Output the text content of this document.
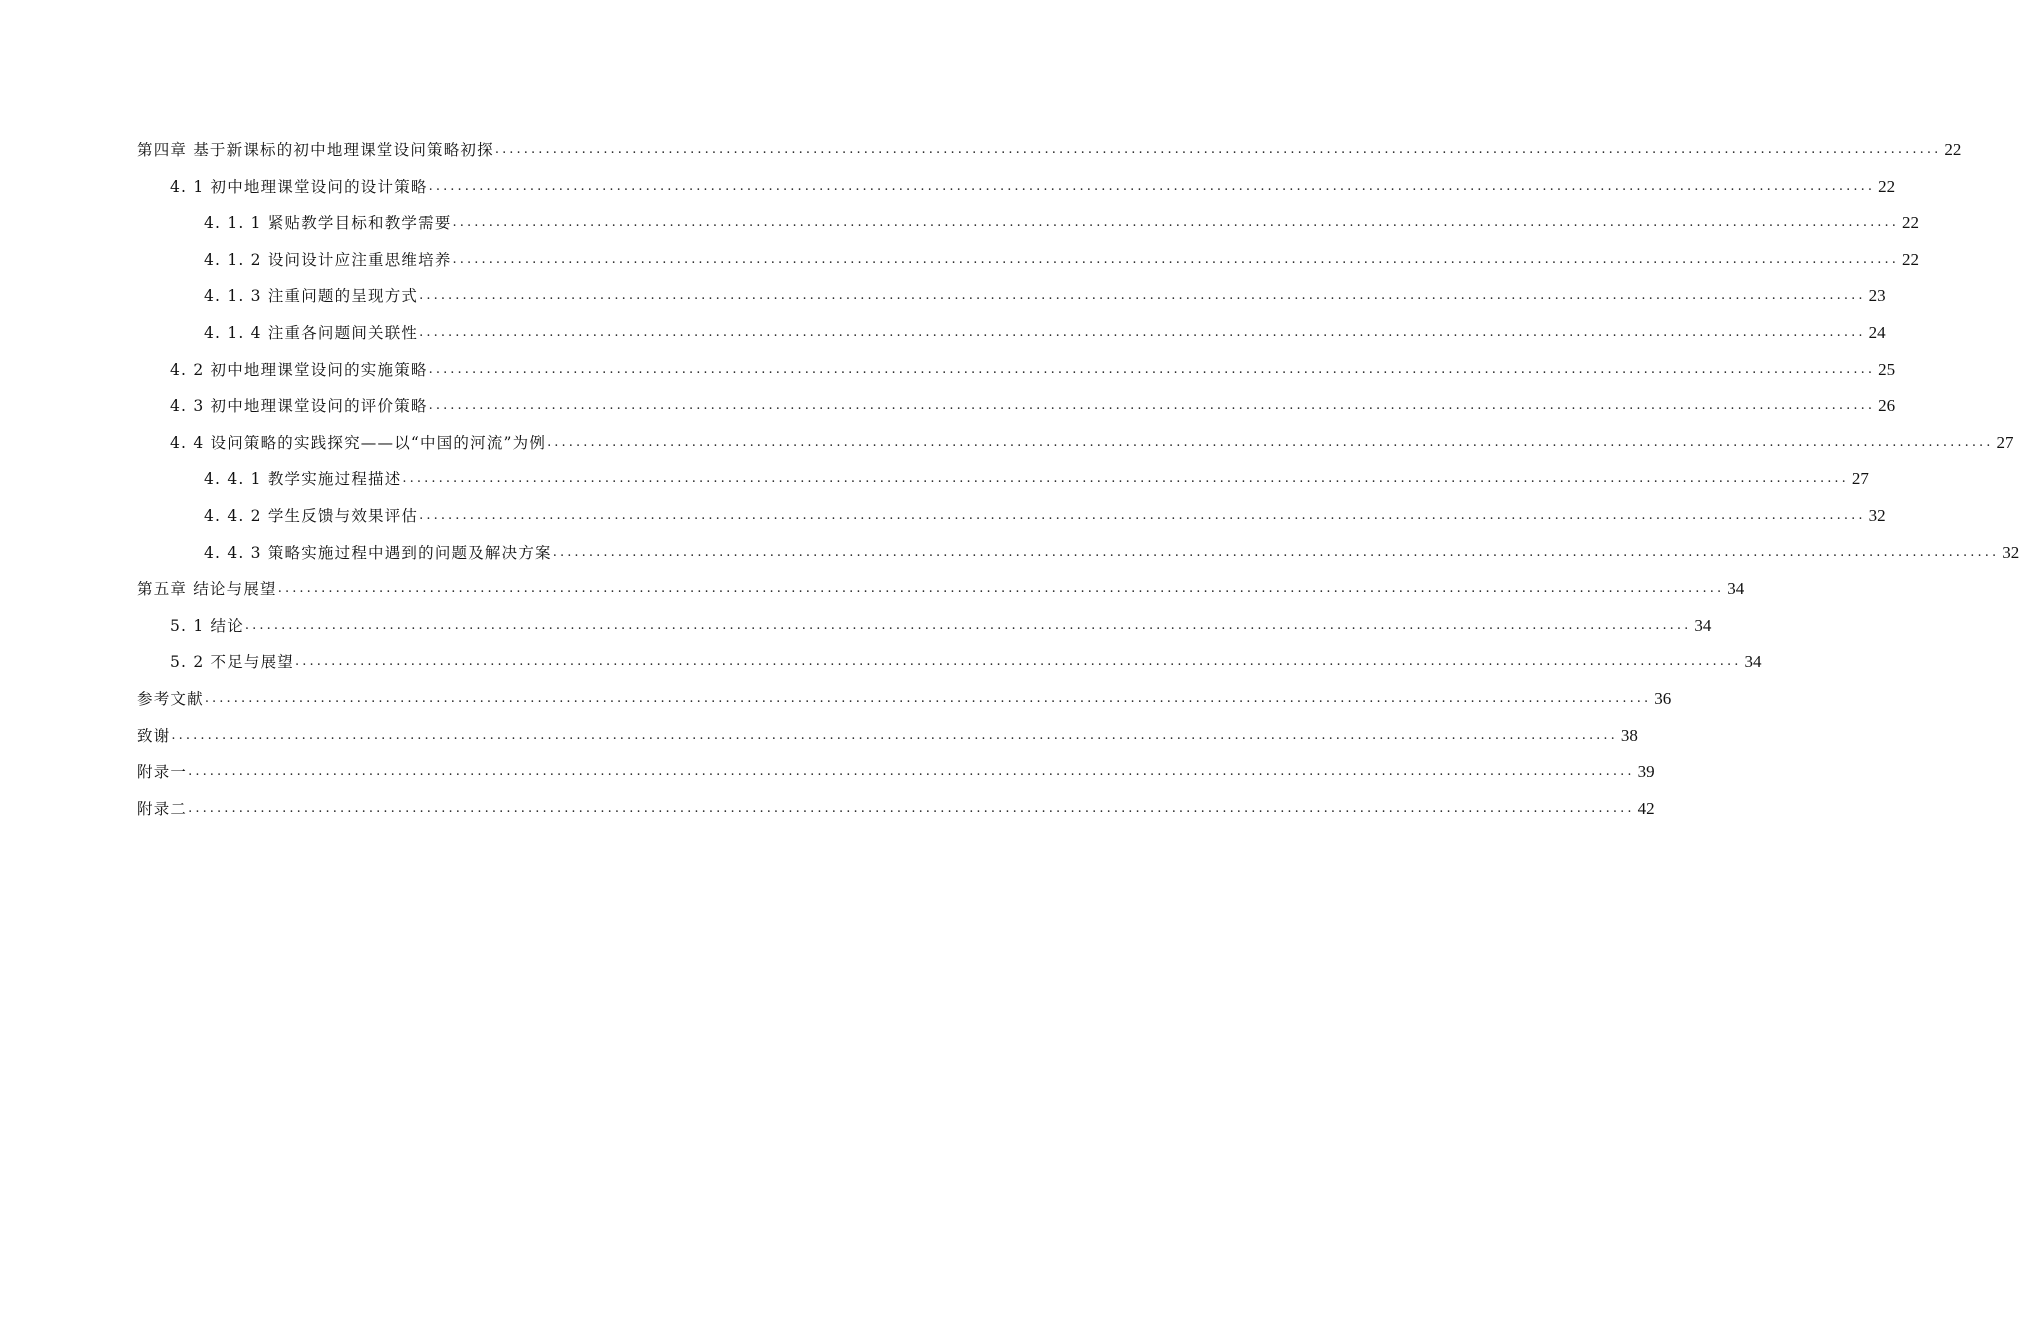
第四章 基于新课标的初中地理课堂设问策略初探 ........................................................................................................................................................................................................ 22
4. 1 初中地理课堂设问的设计策略 ........................................................................................................................................................................................................ 22
4. 1. 1 紧贴教学目标和教学需要 ........................................................................................................................................................................................................ 22
4. 1. 2 设问设计应注重思维培养 ........................................................................................................................................................................................................ 22
4. 1. 3 注重问题的呈现方式 ........................................................................................................................................................................................................ 23
4. 1. 4 注重各问题间关联性 ........................................................................................................................................................................................................ 24
4. 2 初中地理课堂设问的实施策略 ........................................................................................................................................................................................................ 25
4. 3 初中地理课堂设问的评价策略 ........................................................................................................................................................................................................ 26
4. 4 设问策略的实践探究——以“中国的河流”为例 ........................................................................................................................................................................................................ 27
4. 4. 1 教学实施过程描述 ........................................................................................................................................................................................................ 27
4. 4. 2 学生反馈与效果评估 ........................................................................................................................................................................................................ 32
4. 4. 3 策略实施过程中遇到的问题及解决方案 ........................................................................................................................................................................................................ 32
第五章 结论与展望 ........................................................................................................................................................................................................ 34
5. 1 结论 ........................................................................................................................................................................................................ 34
5. 2 不足与展望 ........................................................................................................................................................................................................ 34
参考文献 ........................................................................................................................................................................................................ 36
致谢 ........................................................................................................................................................................................................ 38
附录一 ........................................................................................................................................................................................................ 39
附录二 ........................................................................................................................................................................................................ 42
